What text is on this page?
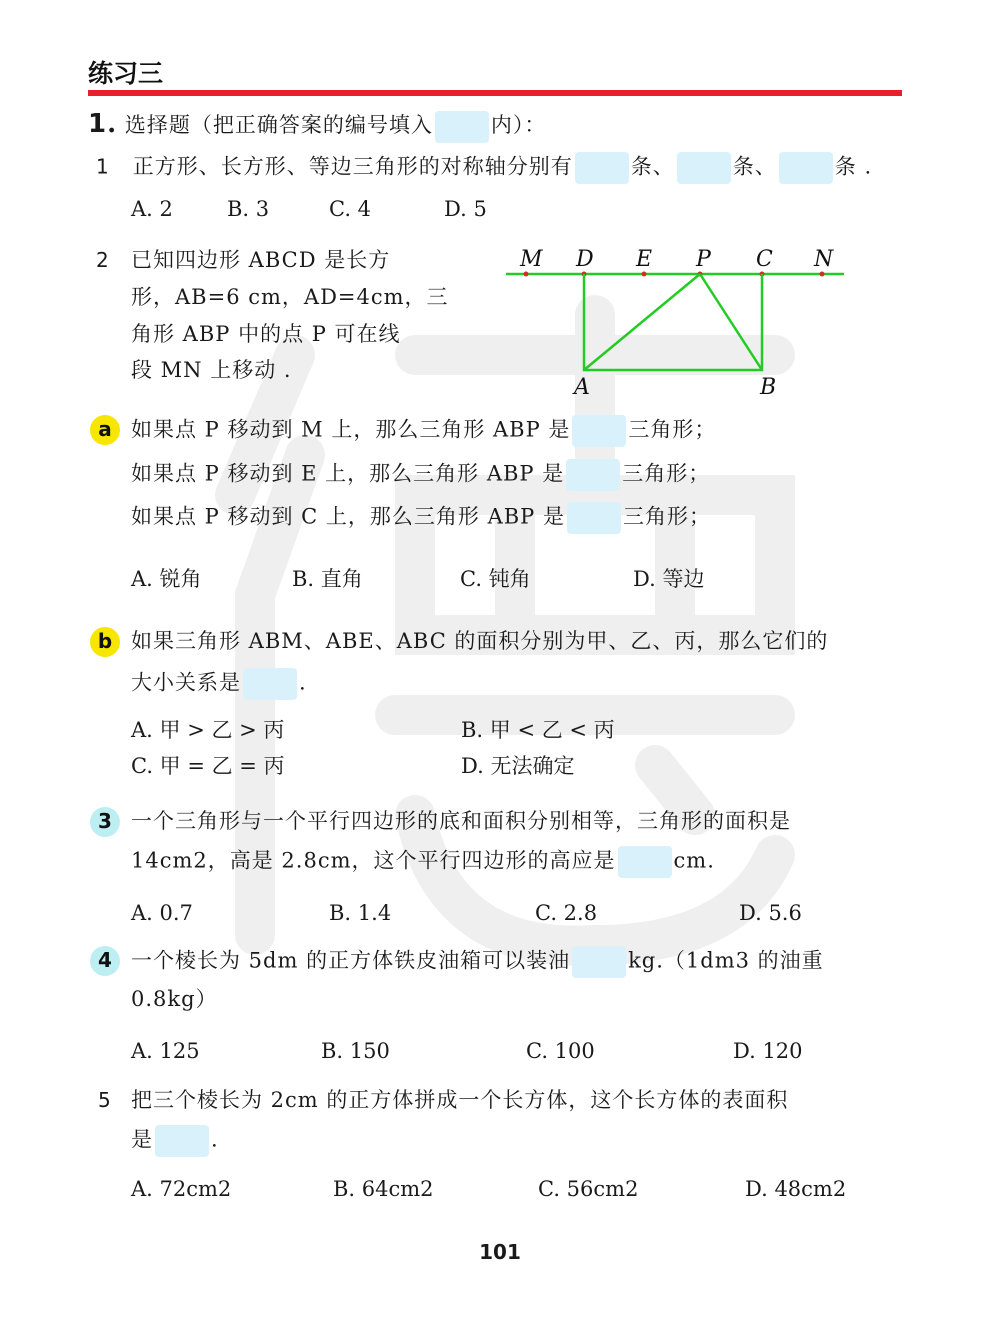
练习三
1. 选择题（把正确答案的编号填入	内）：
1 正方形、长方形、等边三角形的对称轴分别有	条、	条、	条 .
A. 2	B. 3	C. 4	D. 5
2 已知四边形 ABCD 是长方
形，AB=6 cm，AD=4cm，三
角形 ABP 中的点 P 可在线
段 MN 上移动 .
M D E P C N
A	B
a 如果点 P 移动到 M 上，那么三角形 ABP 是	三角形；
如果点 P 移动到 E 上，那么三角形 ABP 是	三角形；
如果点 P 移动到 C 上，那么三角形 ABP 是	三角形；
A. 锐角	B. 直角	C. 钝角	D. 等边
b 如果三角形 ABM、ABE、ABC 的面积分别为甲、乙、丙，那么它们的
大小关系是	.
A. 甲 > 乙 > 丙	B. 甲 < 乙 < 丙
C. 甲 = 乙 = 丙	D. 无法确定
3 一个三角形与一个平行四边形的底和面积分别相等，三角形的面积是
14cm2，高是 2.8cm，这个平行四边形的高应是	cm.
A. 0.7	B. 1.4	C. 2.8	D. 5.6
4 一个棱长为 5dm 的正方体铁皮油箱可以装油	kg.（1dm3 的油重
0.8kg）
A. 125	B. 150	C. 100	D. 120
5 把三个棱长为 2cm 的正方体拼成一个长方体，这个长方体的表面积
是	.
A. 72cm2	B. 64cm2	C. 56cm2	D. 48cm2
101
